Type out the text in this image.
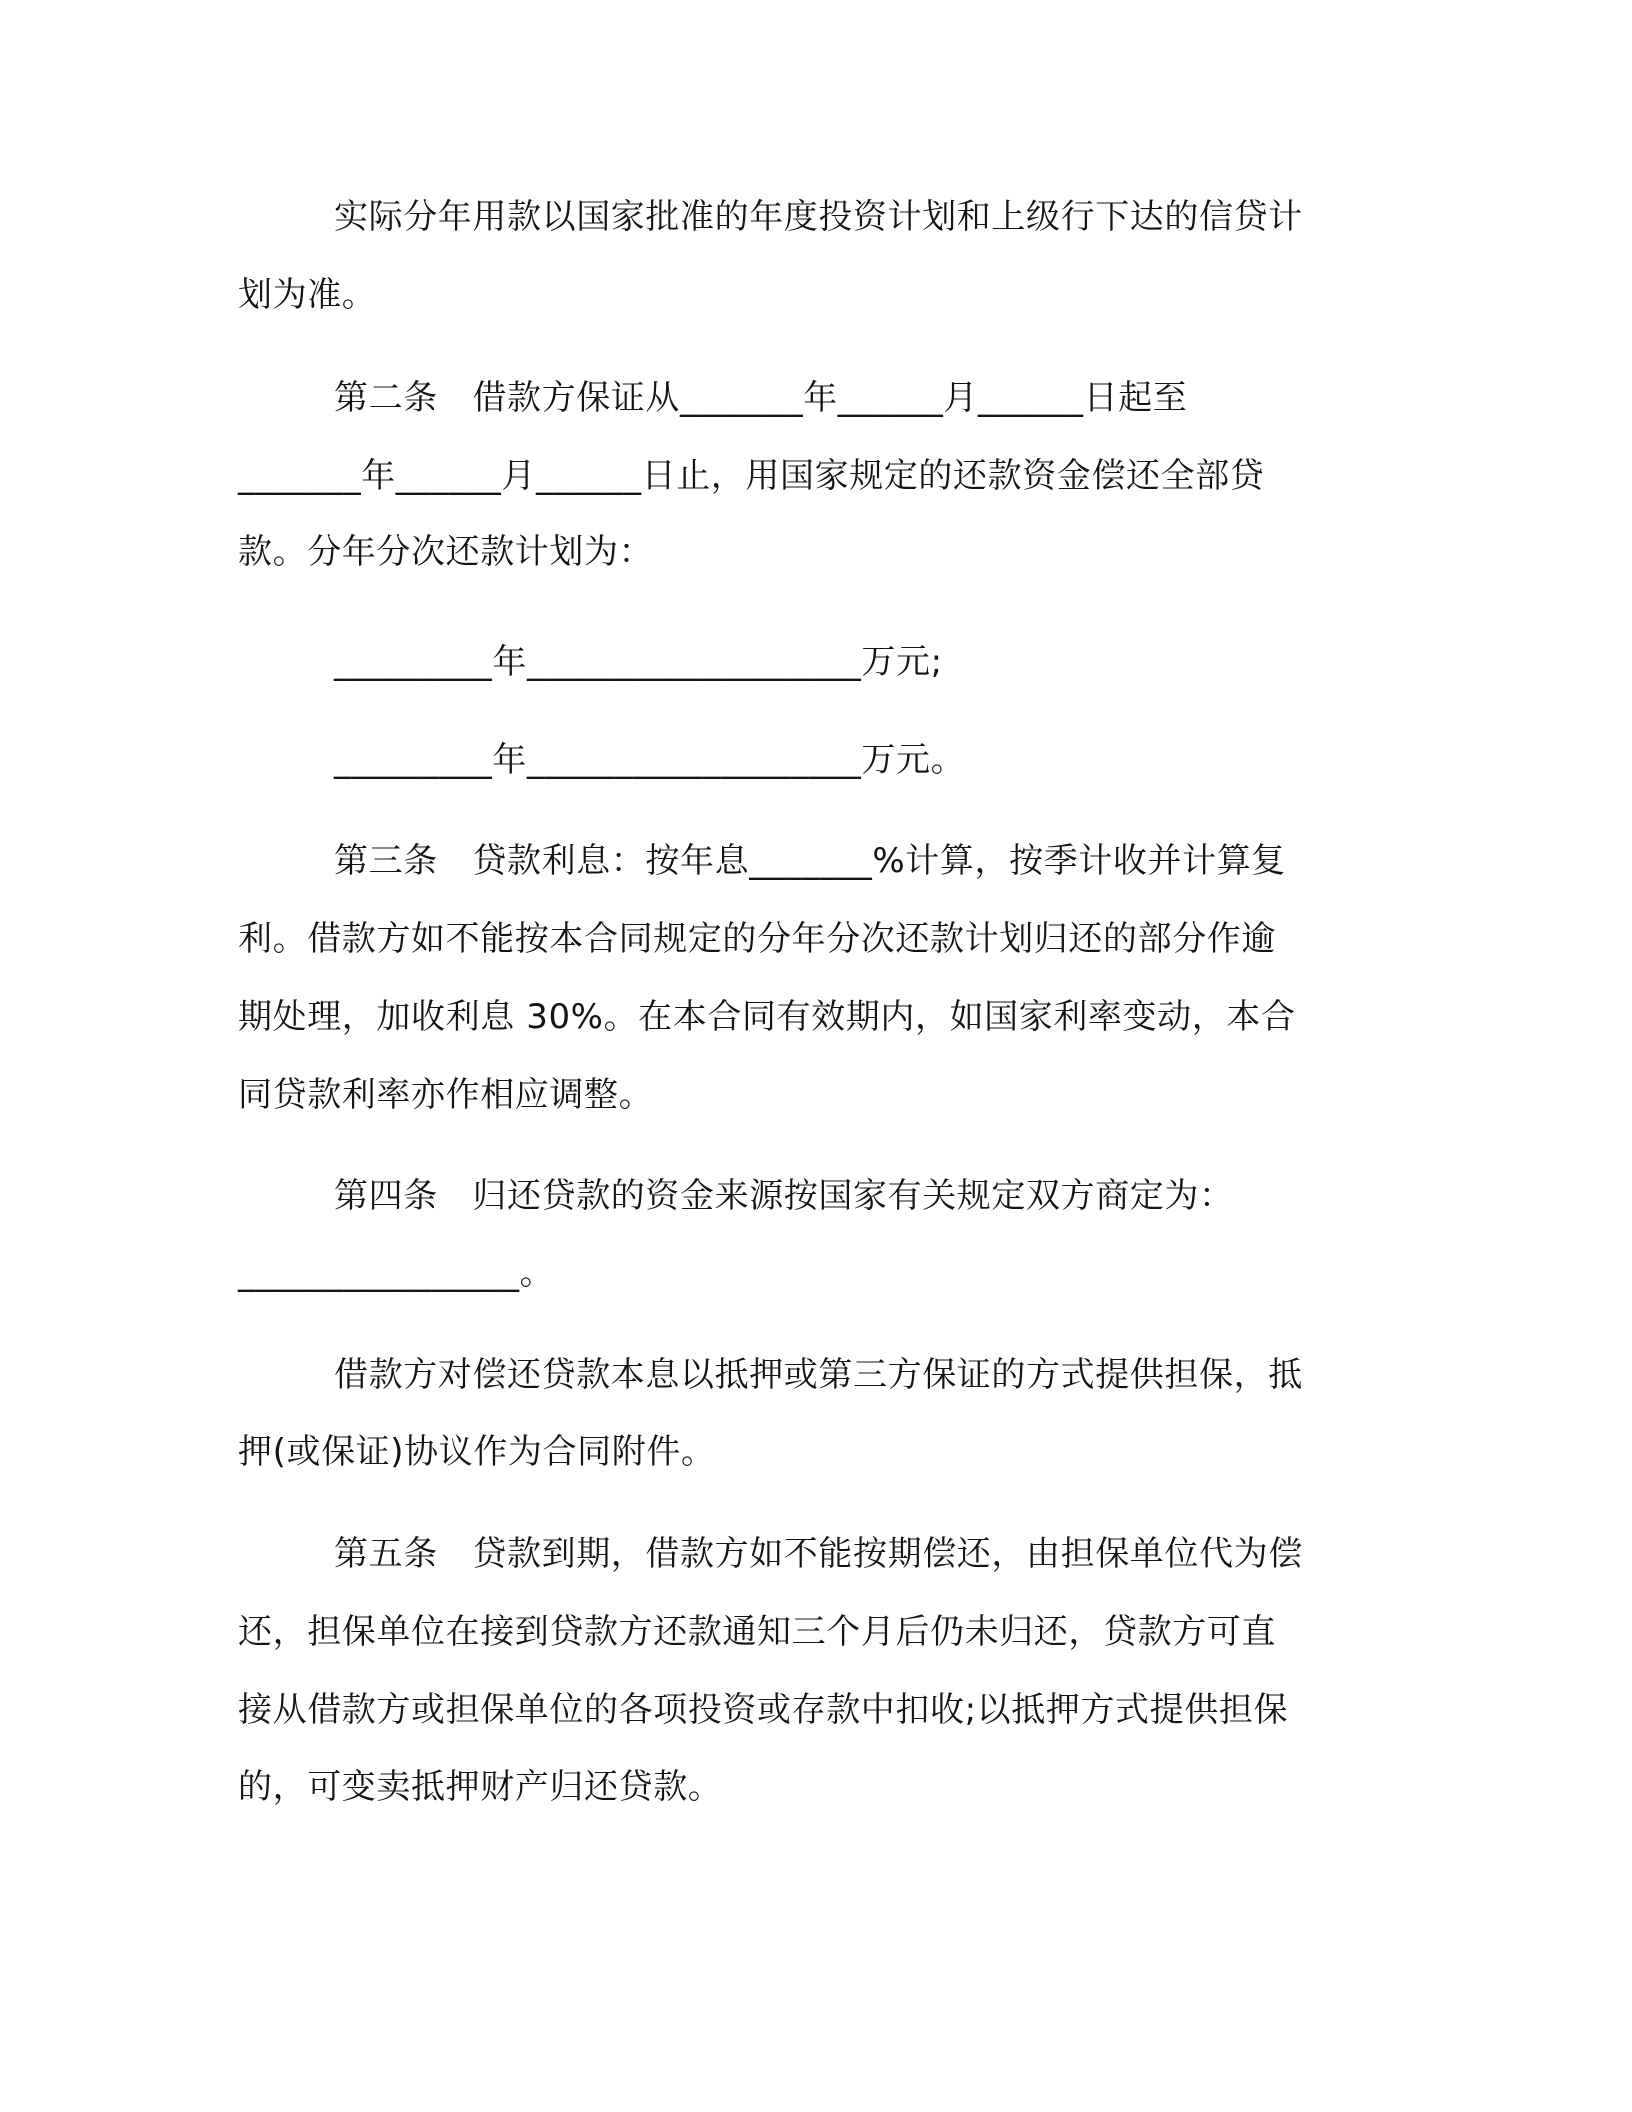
实际分年用款以国家批准的年度投资计划和上级行下达的信贷计
划为准。
第二条　借款方保证从_______年______月______日起至
_______年______月______日止，用国家规定的还款资金偿还全部贷
款。分年分次还款计划为：
_________年___________________万元;
_________年___________________万元。
第三条　贷款利息：按年息_______%计算，按季计收并计算复
利。借款方如不能按本合同规定的分年分次还款计划归还的部分作逾
期处理，加收利息 30%。在本合同有效期内，如国家利率变动，本合
同贷款利率亦作相应调整。
第四条　归还贷款的资金来源按国家有关规定双方商定为：
________________。
借款方对偿还贷款本息以抵押或第三方保证的方式提供担保，抵
押(或保证)协议作为合同附件。
第五条　贷款到期，借款方如不能按期偿还，由担保单位代为偿
还，担保单位在接到贷款方还款通知三个月后仍未归还，贷款方可直
接从借款方或担保单位的各项投资或存款中扣收;以抵押方式提供担保
的，可变卖抵押财产归还贷款。
